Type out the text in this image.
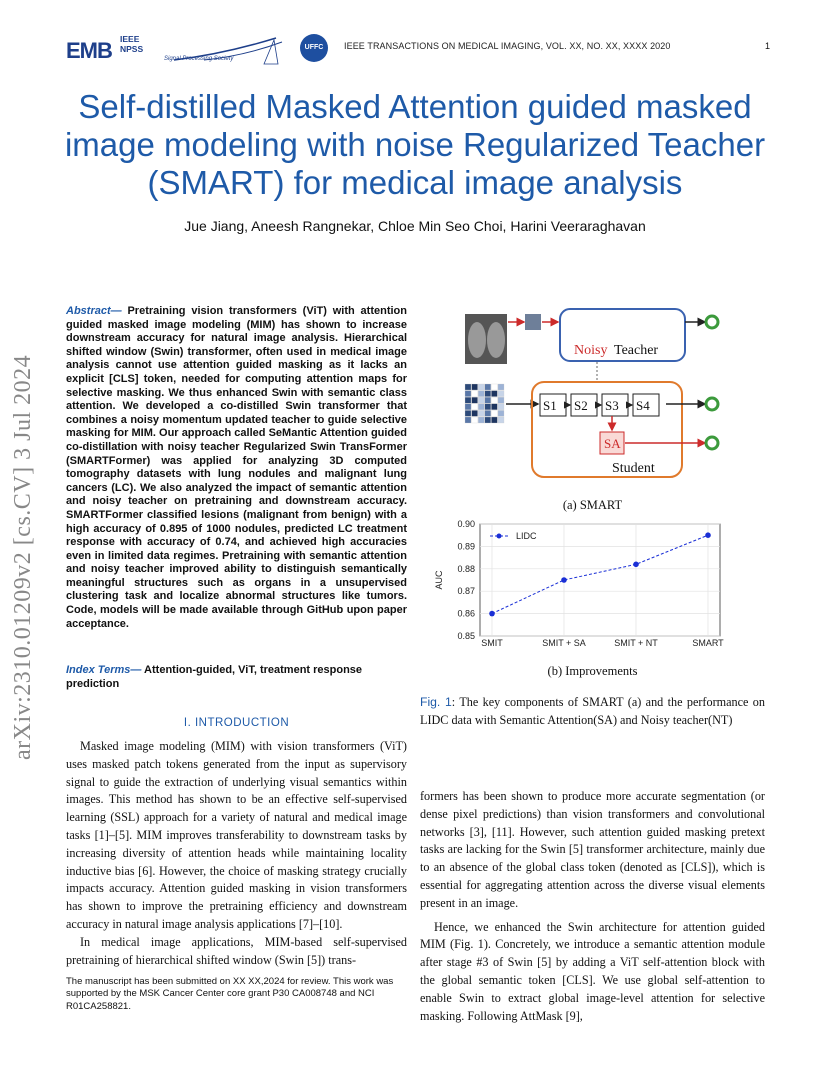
EMB IEEE NPSS
Signal Processing Society
UFFC	IEEE TRANSACTIONS ON MEDICAL IMAGING, VOL. XX, NO. XX, XXXX 2020	1
Self-distilled Masked Attention guided masked image modeling with noise Regularized Teacher (SMART) for medical image analysis
Jue Jiang, Aneesh Rangnekar, Chloe Min Seo Choi, Harini Veeraraghavan
arXiv:2310.01209v2 [cs.CV] 3 Jul 2024
Abstract— Pretraining vision transformers (ViT) with attention guided masked image modeling (MIM) has shown to increase downstream accuracy for natural image analysis. Hierarchical shifted window (Swin) transformer, often used in medical image analysis cannot use attention guided masking as it lacks an explicit [CLS] token, needed for computing attention maps for selective masking. We thus enhanced Swin with semantic class attention. We developed a co-distilled Swin transformer that combines a noisy momentum updated teacher to guide selective masking for MIM. Our approach called SeMantic Attention guided co-distillation with noisy teacher Regularized Swin TransFormer (SMARTFormer) was applied for analyzing 3D computed tomography datasets with lung nodules and malignant lung cancers (LC). We also analyzed the impact of semantic attention and noisy teacher on pretraining and downstream accuracy. SMARTFormer classified lesions (malignant from benign) with a high accuracy of 0.895 of 1000 nodules, predicted LC treatment response with accuracy of 0.74, and achieved high accuracies even in limited data regimes. Pretraining with semantic attention and noisy teacher improved ability to distinguish semantically meaningful structures such as organs in a unsupervised clustering task and localize abnormal structures like tumors. Code, models will be made available through GitHub upon paper acceptance.
Index Terms— Attention-guided, ViT, treatment response prediction
I. INTRODUCTION

Masked image modeling (MIM) with vision transformers (ViT) uses masked patch tokens generated from the input as supervisory signal to guide the extraction of underlying visual semantics within images. This method has shown to be an effective self-supervised learning (SSL) approach for a variety of natural and medical image tasks [1]–[5]. MIM improves transferability to downstream tasks by increasing diversity of attention heads while maintaining locality inductive bias [6]. However, the choice of masking strategy crucially impacts accuracy. Attention guided masking in vision transformers has shown to improve the pretraining efficiency and downstream accuracy in natural image analysis applications [7]–[10].

In medical image applications, MIM-based self-supervised pretraining of hierarchical shifted window (Swin [5]) trans-

The manuscript has been submitted on XX XX,2024 for review. This work was supported by the MSK Cancer Center core grant P30 CA008748 and NCI R01CA258821.
Noisy Teacher
S1 S2 S3 S4
SA
Student
(a) SMART
0.85
0.86
0.87
0.88
0.89
0.90
SMIT	SMIT + SA	SMIT + NT	SMART
AUC
LIDC
(b) Improvements
Fig. 1: The key components of SMART (a) and the performance on LIDC data with Semantic Attention(SA) and Noisy teacher(NT)

formers has been shown to produce more accurate segmentation (or dense pixel predictions) than vision transformers and convolutional networks [3], [11]. However, such attention guided masking pretext tasks are lacking for the Swin [5] transformer architecture, mainly due to an absence of the global class token (denoted as [CLS]), which is essential for aggregating attention across the diverse visual elements present in an image.

Hence, we enhanced the Swin architecture for attention guided MIM (Fig. 1). Concretely, we introduce a semantic attention module after stage #3 of Swin [5] by adding a ViT self-attention block with the global semantic token [CLS]. We use global self-attention to enable Swin to extract global image-level attention for selective masking. Following AttMask [9],
